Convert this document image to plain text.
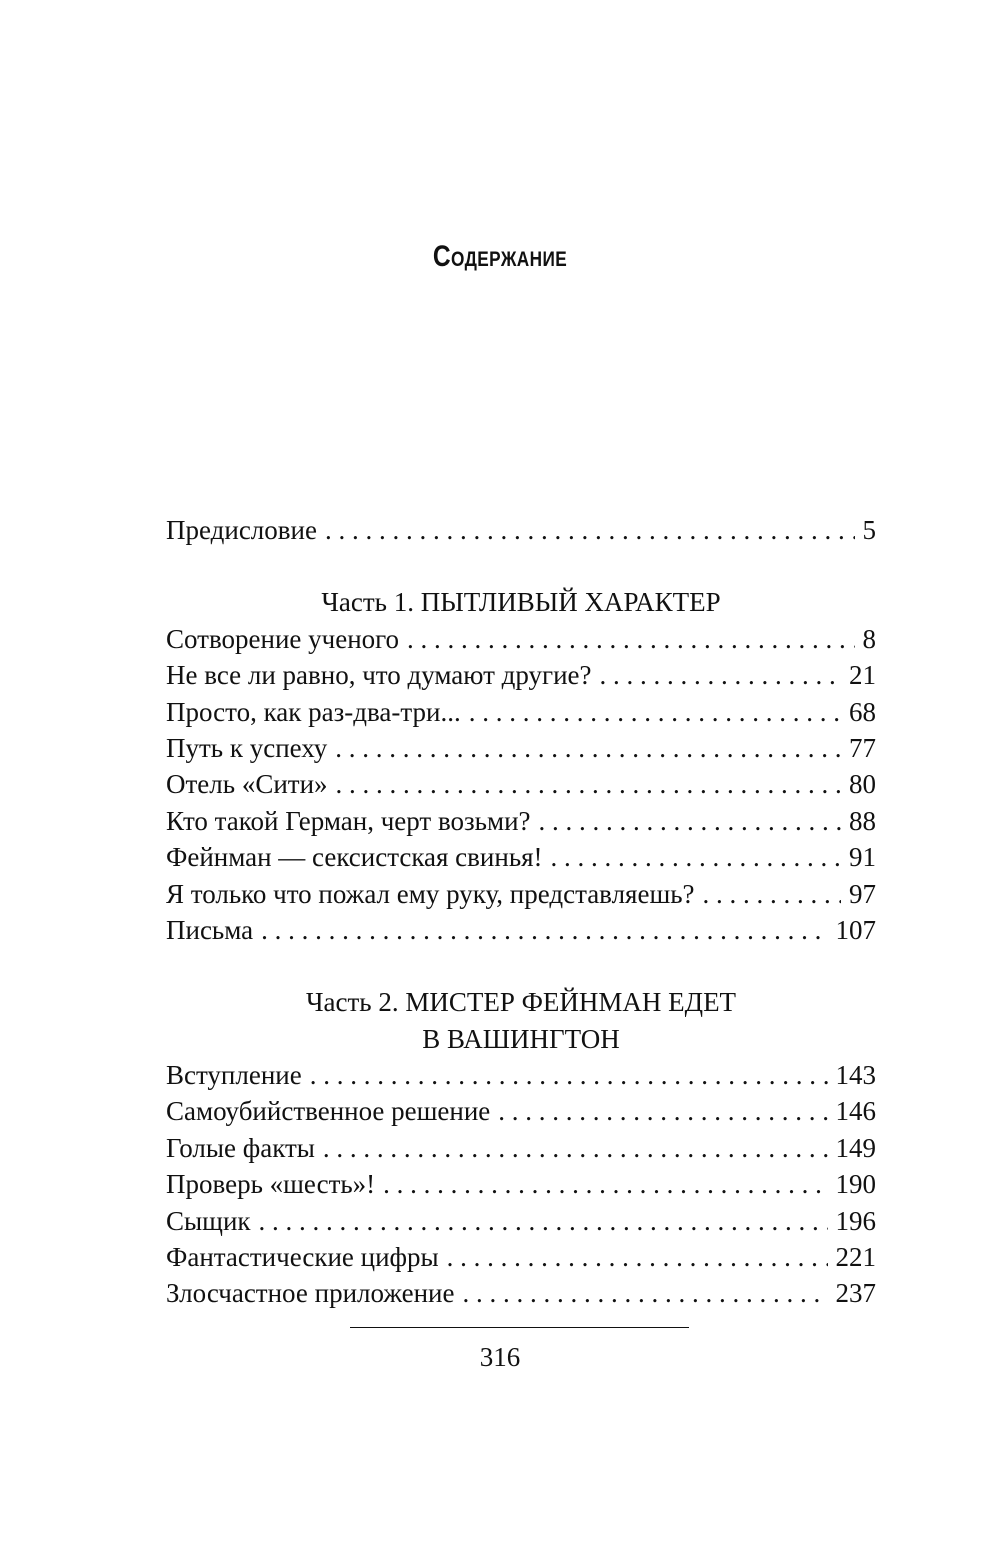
Содержание
Предисловие . . .	5
Часть 1. ПЫТЛИВЫЙ ХАРАКТЕР
Сотворение ученого . . .	8
Не все ли равно, что думают другие? . . .	21
Просто, как раз-два-три... . . .	68
Путь к успеху . . .	77
Отель «Сити» . . .	80
Кто такой Герман, черт возьми? . . .	88
Фейнман — сексистская свинья! . . .	91
Я только что пожал ему руку, представляешь? . . .	97
Письма . . .	107
Часть 2. МИСТЕР ФЕЙНМАН ЕДЕТ
В ВАШИНГТОН
Вступление . . .	143
Самоубийственное решение . . .	146
Голые факты . . .	149
Проверь «шесть»! . . .	190
Сыщик . . .	196
Фантастические цифры . . .	221
Злосчастное приложение . . .	237
316
